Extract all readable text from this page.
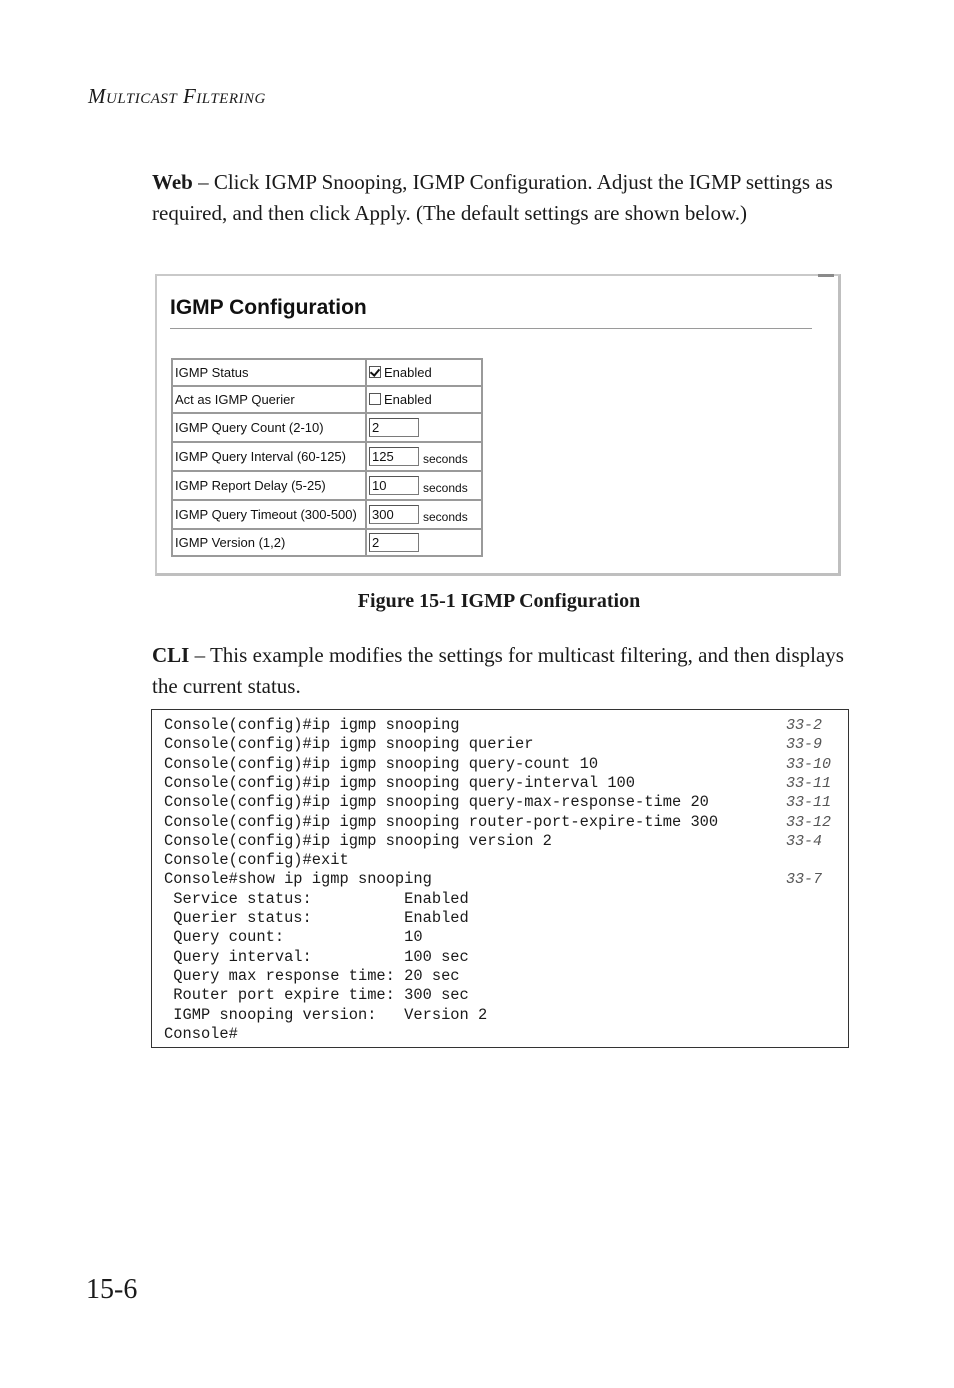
Multicast Filtering
Web – Click IGMP Snooping, IGMP Configuration. Adjust the IGMP settings as required, and then click Apply. (The default settings are shown below.)
IGMP Configuration
IGMP Status	Enabled
Act as IGMP Querier	Enabled
IGMP Query Count (2-10)	2
IGMP Query Interval (60-125)	125 seconds
IGMP Report Delay (5-25)	10 seconds
IGMP Query Timeout (300-500)	300 seconds
IGMP Version (1,2)	2
Figure 15-1 IGMP Configuration
CLI – This example modifies the settings for multicast filtering, and then displays the current status.
Console(config)#ip igmp snooping	33-2
Console(config)#ip igmp snooping querier	33-9
Console(config)#ip igmp snooping query-count 10	33-10
Console(config)#ip igmp snooping query-interval 100	33-11
Console(config)#ip igmp snooping query-max-response-time 20	33-11
Console(config)#ip igmp snooping router-port-expire-time 300	33-12
Console(config)#ip igmp snooping version 2	33-4
Console(config)#exit
Console#show ip igmp snooping	33-7
Service status:          Enabled
Querier status:          Enabled
Query count:             10
Query interval:          100 sec
Query max response time: 20 sec
Router port expire time: 300 sec
IGMP snooping version:   Version 2
Console#
15-6
